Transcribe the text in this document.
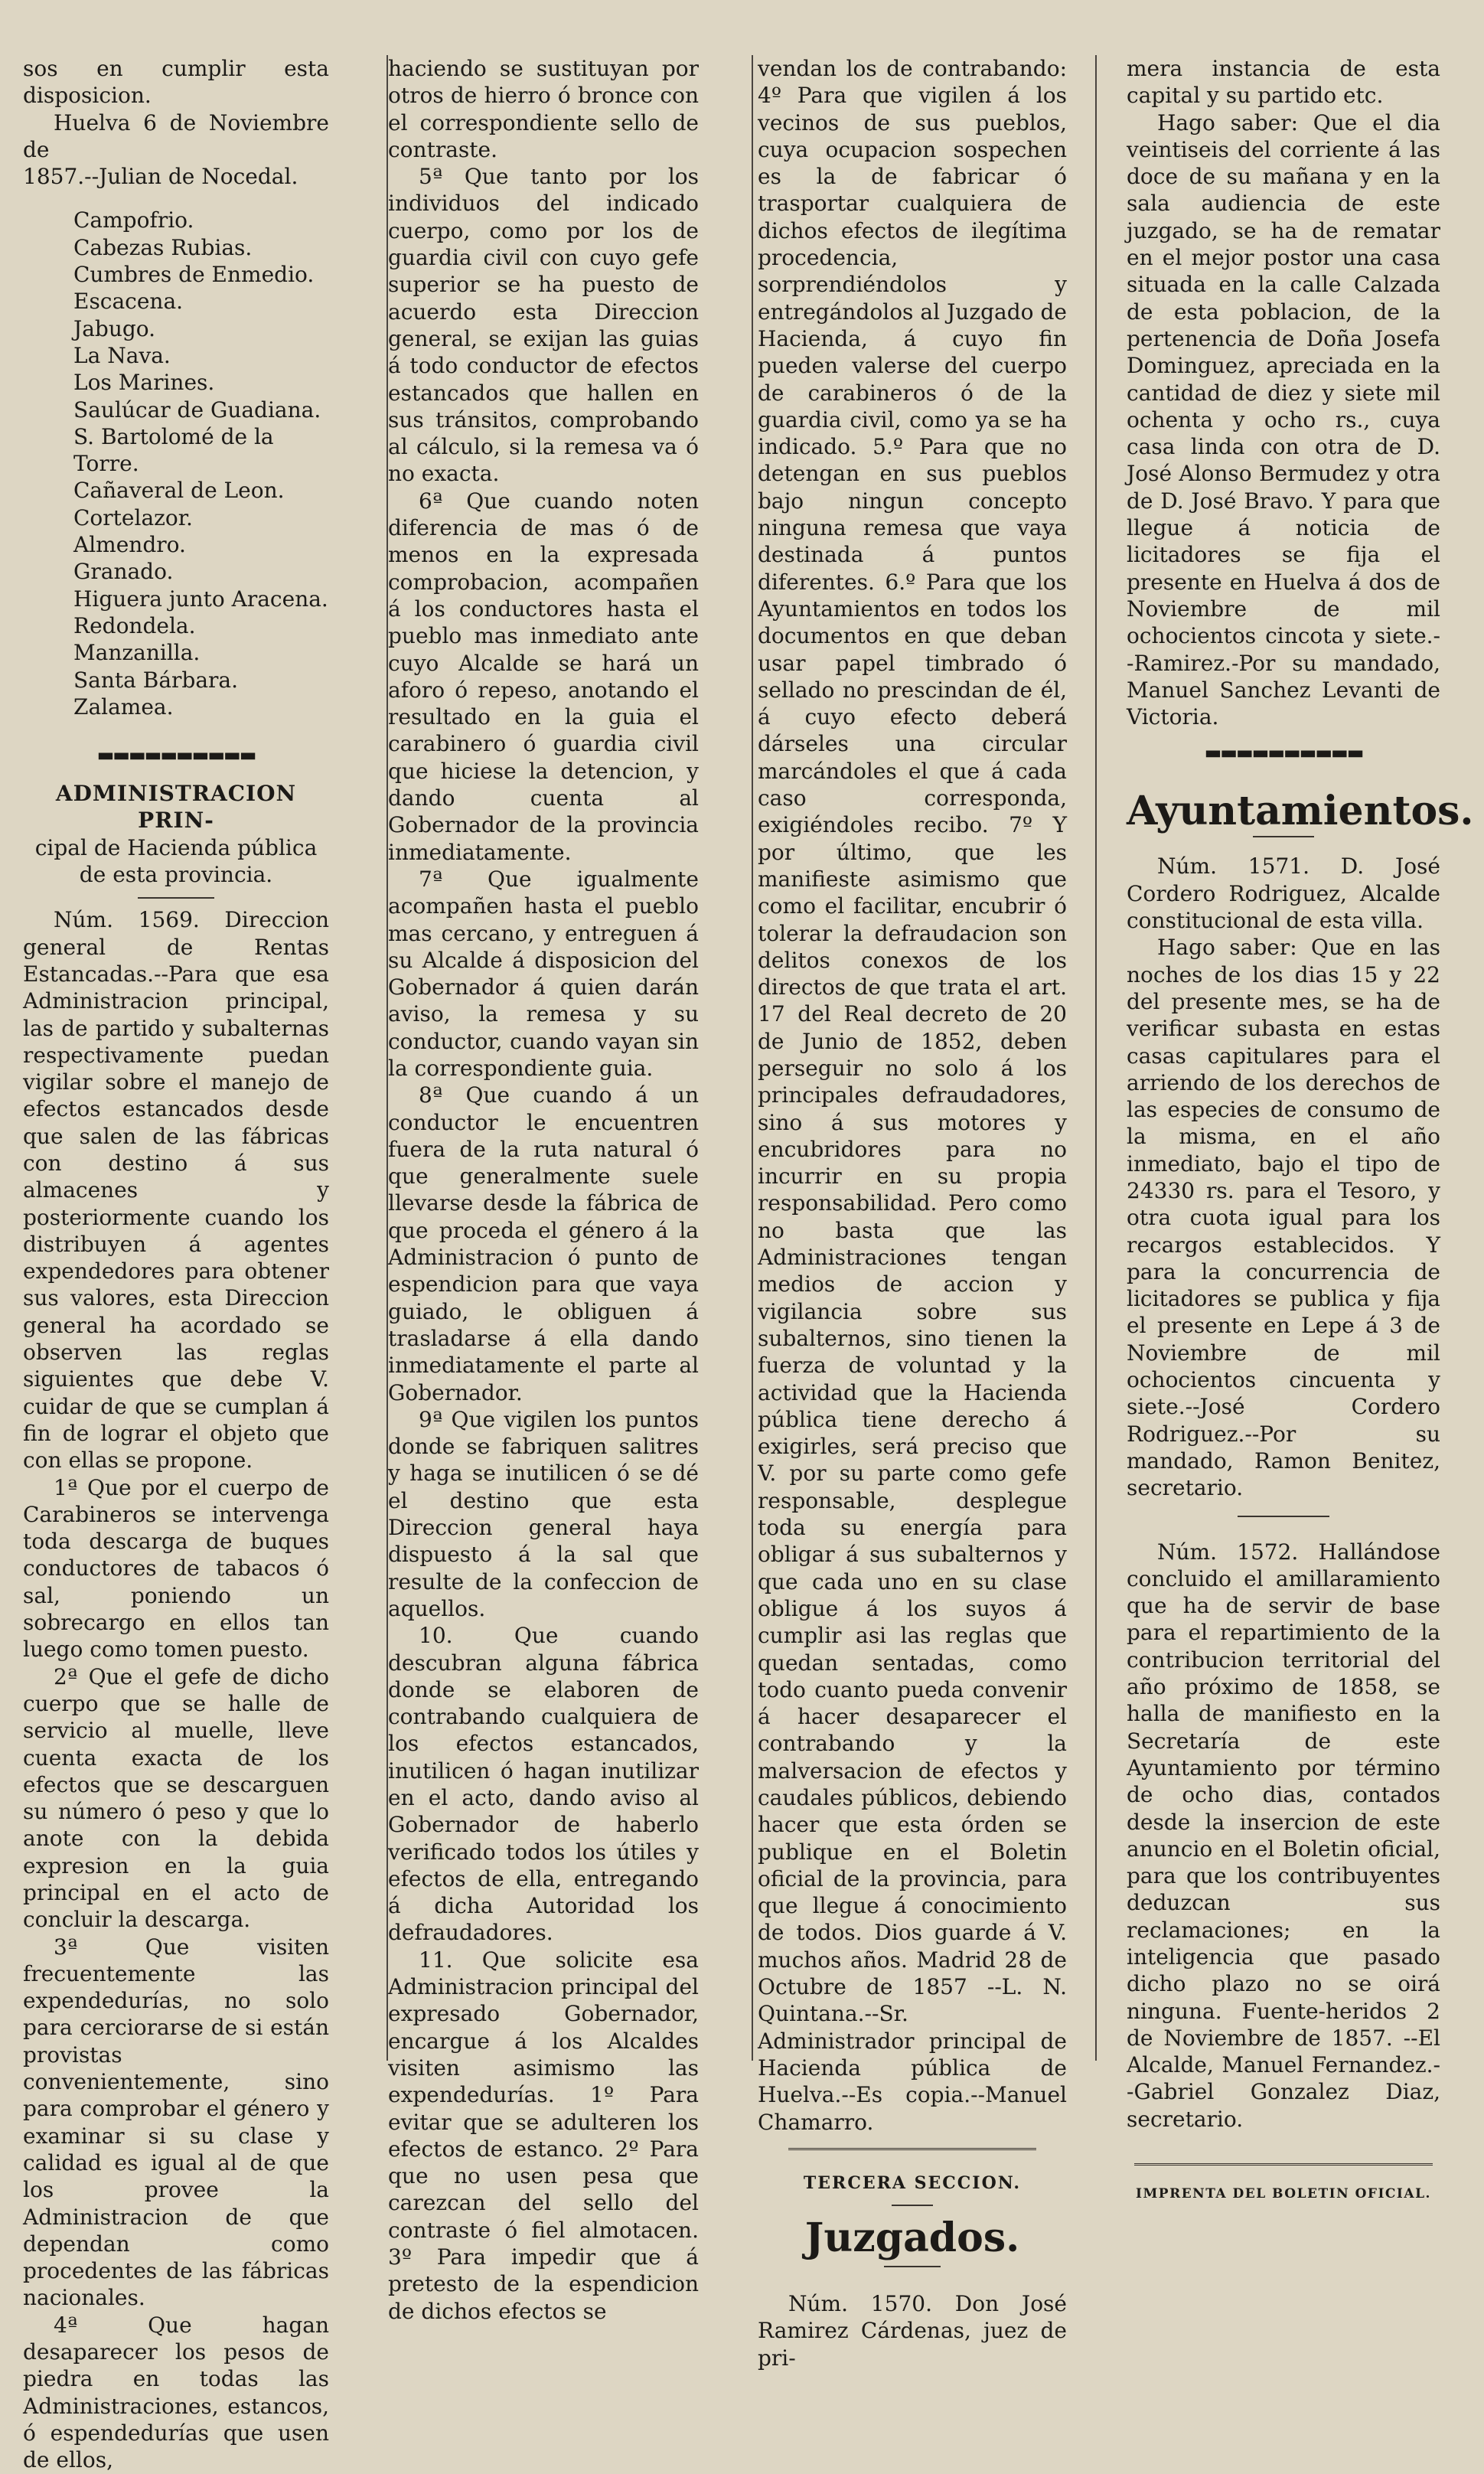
sos en cumplir esta disposicion.

Huelva 6 de Noviembre de

1857.--Julian de Nocedal.

Campofrio.
Cabezas Rubias.
Cumbres de Enmedio.
Escacena.
Jabugo.
La Nava.
Los Marines.
Saulúcar de Guadiana.
S. Bartolomé de la Torre.
Cañaveral de Leon.
Cortelazor.
Almendro.
Granado.
Higuera junto Aracena.
Redondela.
Manzanilla.
Santa Bárbara.
Zalamea.
▬▬▬▬▬▬▬▬▬▬

ADMINISTRACION PRIN-

cipal de Hacienda pública de esta provincia.

Núm. 1569. Direccion general de Rentas Estancadas.--Para que esa Administracion principal, las de partido y subalternas respectivamente puedan vigilar sobre el manejo de efectos estancados desde que salen de las fábricas con destino á sus almacenes y posteriormente cuando los distribuyen á agentes expendedores para obtener sus valores, esta Direccion general ha acordado se observen las reglas siguientes que debe V. cuidar de que se cumplan á fin de lograr el objeto que con ellas se propone.

1ª Que por el cuerpo de Carabineros se intervenga toda descarga de buques conductores de tabacos ó sal, poniendo un sobrecargo en ellos tan luego como tomen puesto.

2ª Que el gefe de dicho cuerpo que se halle de servicio al muelle, lleve cuenta exacta de los efectos que se descarguen su número ó peso y que lo anote con la debida expresion en la guia principal en el acto de concluir la descarga.

3ª Que visiten frecuentemente las expendedurías, no solo para cerciorarse de si están provistas convenientemente, sino para comprobar el género y examinar si su clase y calidad es igual al de que los provee la Administracion de que dependan como procedentes de las fábricas nacionales.

4ª Que hagan desaparecer los pesos de piedra en todas las Administraciones, estancos, ó espendedurías que usen de ellos,

haciendo se sustituyan por otros de hierro ó bronce con el correspondiente sello de contraste.

5ª Que tanto por los individuos del indicado cuerpo, como por los de guardia civil con cuyo gefe superior se ha puesto de acuerdo esta Direccion general, se exijan las guias á todo conductor de efectos estancados que hallen en sus tránsitos, comprobando al cálculo, si la remesa va ó no exacta.

6ª Que cuando noten diferencia de mas ó de menos en la expresada comprobacion, acompañen á los conductores hasta el pueblo mas inmediato ante cuyo Alcalde se hará un aforo ó repeso, anotando el resultado en la guia el carabinero ó guardia civil que hiciese la detencion, y dando cuenta al Gobernador de la provincia inmediatamente.

7ª Que igualmente acompañen hasta el pueblo mas cercano, y entreguen á su Alcalde á disposicion del Gobernador á quien darán aviso, la remesa y su conductor, cuando vayan sin la correspondiente guia.

8ª Que cuando á un conductor le encuentren fuera de la ruta natural ó que generalmente suele llevarse desde la fábrica de que proceda el género á la Administracion ó punto de espendicion para que vaya guiado, le obliguen á trasladarse á ella dando inmediatamente el parte al Gobernador.

9ª Que vigilen los puntos donde se fabriquen salitres y haga se inutilicen ó se dé el destino que esta Direccion general haya dispuesto á la sal que resulte de la confeccion de aquellos.

10. Que cuando descubran alguna fábrica donde se elaboren de contrabando cualquiera de los efectos estancados, inutilicen ó hagan inutilizar en el acto, dando aviso al Gobernador de haberlo verificado todos los útiles y efectos de ella, entregando á dicha Autoridad los defraudadores.

11. Que solicite esa Administracion principal del expresado Gobernador, encargue á los Alcaldes visiten asimismo las expendedurías. 1º Para evitar que se adulteren los efectos de estanco. 2º Para que no usen pesa que carezcan del sello del contraste ó fiel almotacen. 3º Para impedir que á pretesto de la espendicion de dichos efectos se

vendan los de contrabando: 4º Para que vigilen á los vecinos de sus pueblos, cuya ocupacion sospechen es la de fabricar ó trasportar cualquiera de dichos efectos de ilegítima procedencia, sorprendiéndolos y entregándolos al Juzgado de Hacienda, á cuyo fin pueden valerse del cuerpo de carabineros ó de la guardia civil, como ya se ha indicado. 5.º Para que no detengan en sus pueblos bajo ningun concepto ninguna remesa que vaya destinada á puntos diferentes. 6.º Para que los Ayuntamientos en todos los documentos en que deban usar papel timbrado ó sellado no prescindan de él, á cuyo efecto deberá dárseles una circular marcándoles el que á cada caso corresponda, exigiéndoles recibo. 7º Y por último, que les manifieste asimismo que como el facilitar, encubrir ó tolerar la defraudacion son delitos conexos de los directos de que trata el art. 17 del Real decreto de 20 de Junio de 1852, deben perseguir no solo á los principales defraudadores, sino á sus motores y encubridores para no incurrir en su propia responsabilidad. Pero como no basta que las Administraciones tengan medios de accion y vigilancia sobre sus subalternos, sino tienen la fuerza de voluntad y la actividad que la Hacienda pública tiene derecho á exigirles, será preciso que V. por su parte como gefe responsable, desplegue toda su energía para obligar á sus subalternos y que cada uno en su clase obligue á los suyos á cumplir asi las reglas que quedan sentadas, como todo cuanto pueda convenir á hacer desaparecer el contrabando y la malversacion de efectos y caudales públicos, debiendo hacer que esta órden se publique en el Boletin oficial de la provincia, para que llegue á conocimiento de todos. Dios guarde á V. muchos años. Madrid 28 de Octubre de 1857 --L. N. Quintana.--Sr. Administrador principal de Hacienda pública de Huelva.--Es copia.--Manuel Chamarro.

TERCERA SECCION.

Juzgados.

Núm. 1570. Don José Ramirez Cárdenas, juez de pri-

mera instancia de esta capital y su partido etc.

Hago saber: Que el dia veintiseis del corriente á las doce de su mañana y en la sala audiencia de este juzgado, se ha de rematar en el mejor postor una casa situada en la calle Calzada de esta poblacion, de la pertenencia de Doña Josefa Dominguez, apreciada en la cantidad de diez y siete mil ochenta y ocho rs., cuya casa linda con otra de D. José Alonso Bermudez y otra de D. José Bravo. Y para que llegue á noticia de licitadores se fija el presente en Huelva á dos de Noviembre de mil ochocientos cincota y siete.--Ramirez.-Por su mandado, Manuel Sanchez Levanti de Victoria.

▬▬▬▬▬▬▬▬▬▬

Ayuntamientos.

Núm. 1571. D. José Cordero Rodriguez, Alcalde constitucional de esta villa.

Hago saber: Que en las noches de los dias 15 y 22 del presente mes, se ha de verificar subasta en estas casas capitulares para el arriendo de los derechos de las especies de consumo de la misma, en el año inmediato, bajo el tipo de 24330 rs. para el Tesoro, y otra cuota igual para los recargos establecidos. Y para la concurrencia de licitadores se publica y fija el presente en Lepe á 3 de Noviembre de mil ochocientos cincuenta y siete.--José Cordero Rodriguez.--Por su mandado, Ramon Benitez, secretario.

Núm. 1572. Hallándose concluido el amillaramiento que ha de servir de base para el repartimiento de la contribucion territorial del año próximo de 1858, se halla de manifiesto en la Secretaría de este Ayuntamiento por término de ocho dias, contados desde la insercion de este anuncio en el Boletin oficial, para que los contribuyentes deduzcan sus reclamaciones; en la inteligencia que pasado dicho plazo no se oirá ninguna. Fuente-heridos 2 de Noviembre de 1857. --El Alcalde, Manuel Fernandez.--Gabriel Gonzalez Diaz, secretario.

IMPRENTA DEL BOLETIN OFICIAL.
